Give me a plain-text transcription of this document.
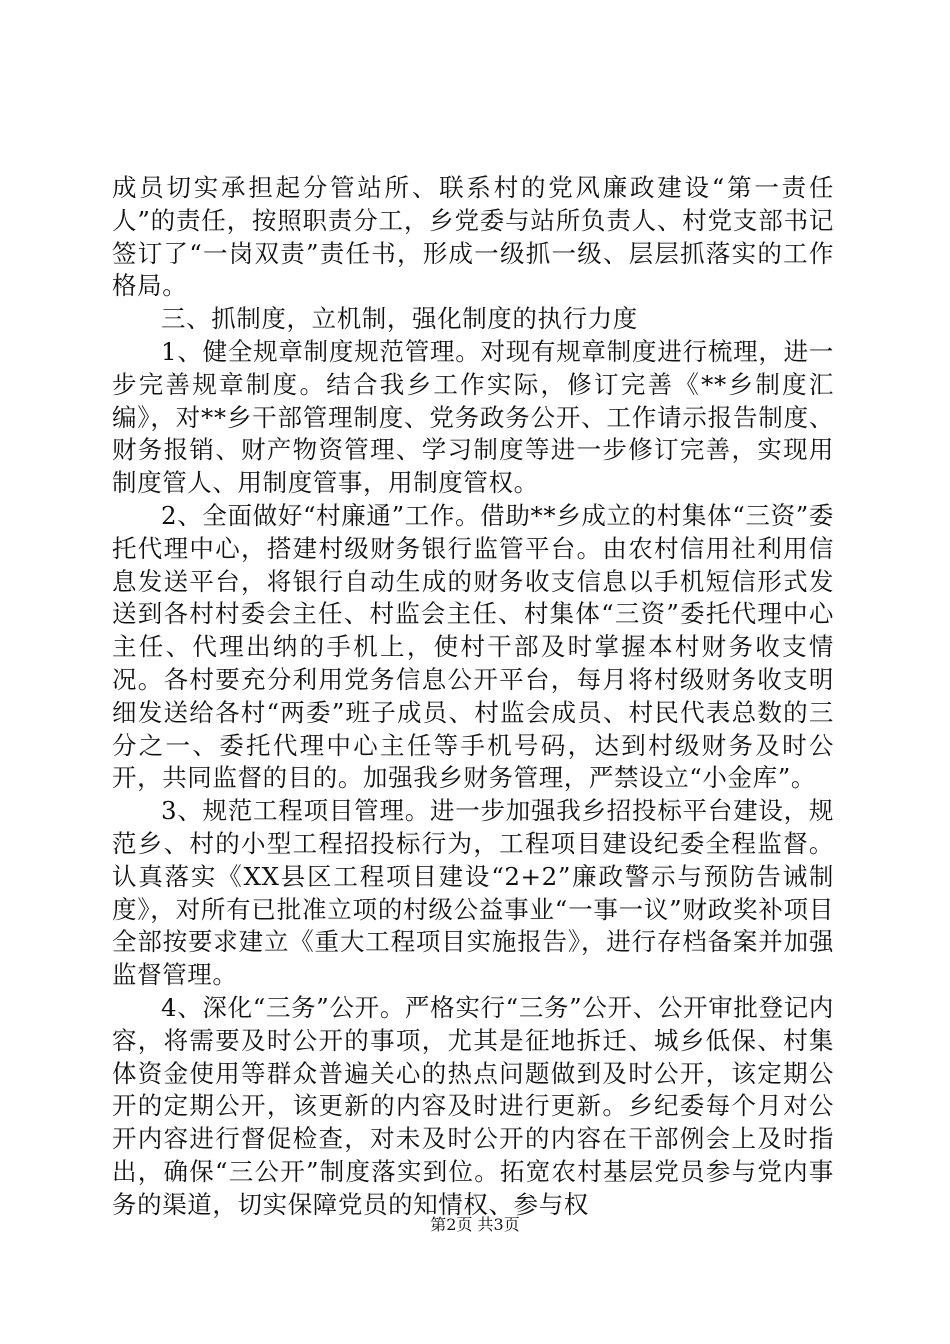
成员切实承担起分管站所、联系村的党风廉政建设“第一责任人”的责任，按照职责分工，乡党委与站所负责人、村党支部书记签订了“一岗双责”责任书，形成一级抓一级、层层抓落实的工作格局。

三、抓制度，立机制，强化制度的执行力度

1、健全规章制度规范管理。对现有规章制度进行梳理，进一步完善规章制度。结合我乡工作实际，修订完善《**乡制度汇编》，对**乡干部管理制度、党务政务公开、工作请示报告制度、财务报销、财产物资管理、学习制度等进一步修订完善，实现用制度管人、用制度管事，用制度管权。

2、全面做好“村廉通”工作。借助**乡成立的村集体“三资”委托代理中心，搭建村级财务银行监管平台。由农村信用社利用信息发送平台，将银行自动生成的财务收支信息以手机短信形式发送到各村村委会主任、村监会主任、村集体“三资”委托代理中心主任、代理出纳的手机上，使村干部及时掌握本村财务收支情况。各村要充分利用党务信息公开平台，每月将村级财务收支明细发送给各村“两委”班子成员、村监会成员、村民代表总数的三分之一、委托代理中心主任等手机号码，达到村级财务及时公开，共同监督的目的。加强我乡财务管理，严禁设立“小金库”。

3、规范工程项目管理。进一步加强我乡招投标平台建设，规范乡、村的小型工程招投标行为，工程项目建设纪委全程监督。认真落实《XX县区工程项目建设“2+2”廉政警示与预防告诫制度》，对所有已批准立项的村级公益事业“一事一议”财政奖补项目全部按要求建立《重大工程项目实施报告》，进行存档备案并加强监督管理。

4、深化“三务”公开。严格实行“三务”公开、公开审批登记内容，将需要及时公开的事项，尤其是征地拆迁、城乡低保、村集体资金使用等群众普遍关心的热点问题做到及时公开，该定期公开的定期公开，该更新的内容及时进行更新。乡纪委每个月对公开内容进行督促检查，对未及时公开的内容在干部例会上及时指出，确保“三公开”制度落实到位。拓宽农村基层党员参与党内事务的渠道，切实保障党员的知情权、参与权

第2页 共3页
